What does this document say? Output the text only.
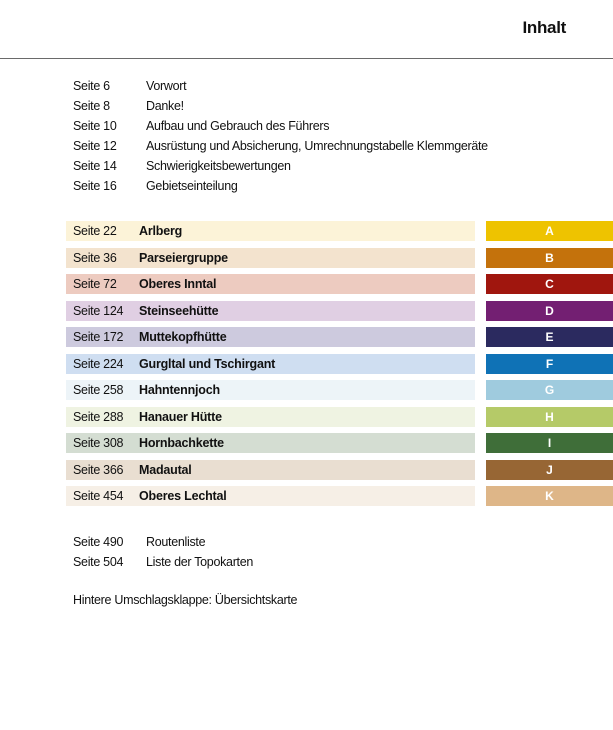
Inhalt
Seite 6	Vorwort
Seite 8	Danke!
Seite 10	Aufbau und Gebrauch des Führers
Seite 12	Ausrüstung und Absicherung, Umrechnungstabelle Klemmgeräte
Seite 14	Schwierigkeitsbewertungen
Seite 16	Gebietseinteilung
Seite 22	Arlberg	A
Seite 36	Parseiergruppe	B
Seite 72	Oberes Inntal	C
Seite 124	Steinseehütte	D
Seite 172	Muttekopfhütte	E
Seite 224	Gurgltal und Tschirgant	F
Seite 258	Hahntennjoch	G
Seite 288	Hanauer Hütte	H
Seite 308	Hornbachkette	I
Seite 366	Madautal	J
Seite 454	Oberes Lechtal	K
Seite 490	Routenliste
Seite 504	Liste der Topokarten
Hintere Umschlagsklappe: Übersichtskarte
